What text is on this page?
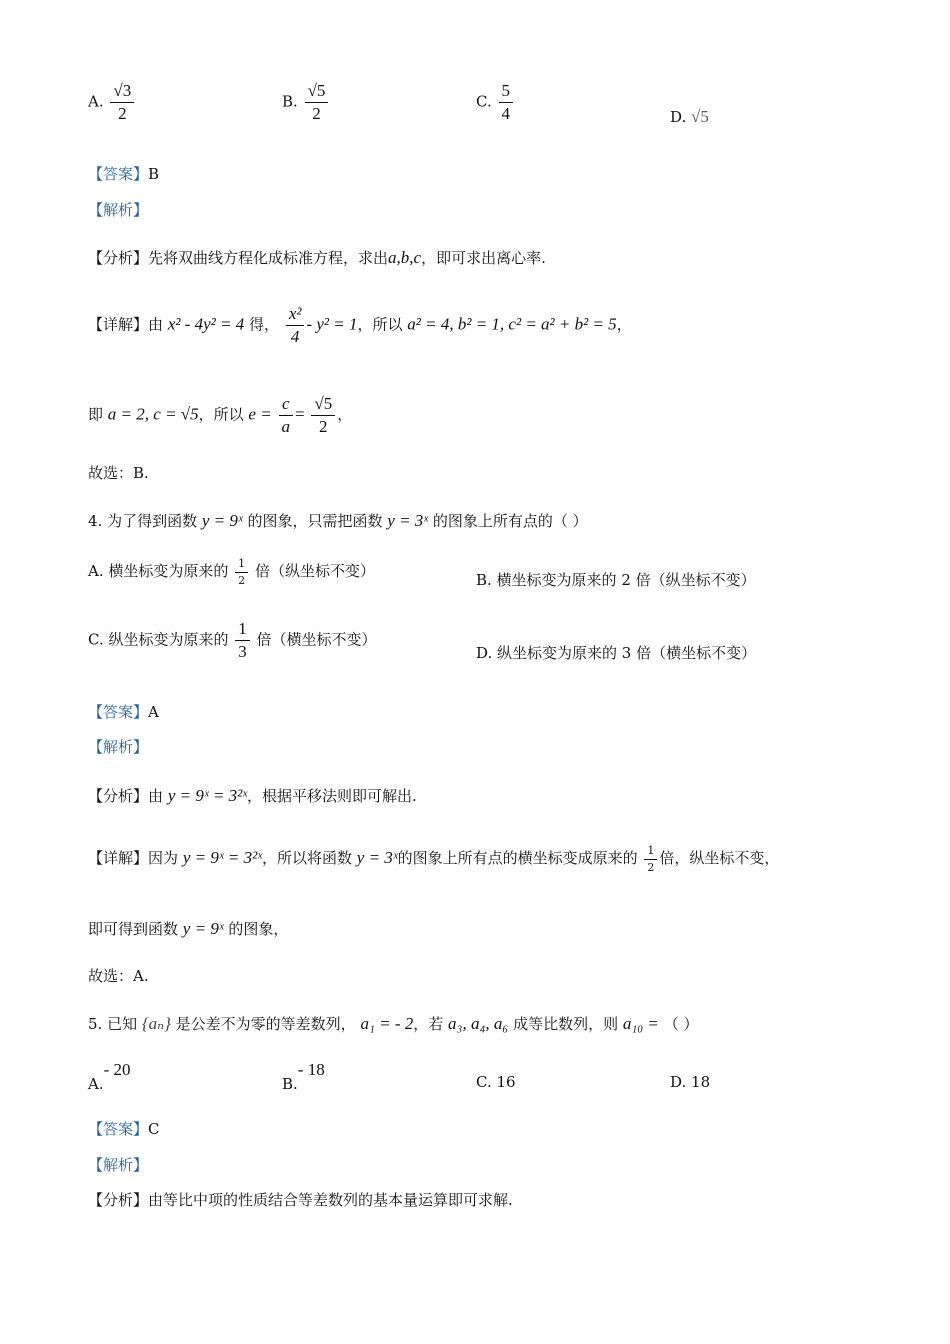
A. $\frac{√3}{2}$	B. $\frac{√5}{2}$	C. $\frac{5}{4}$	D. √5
【答案】B
【解析】
【分析】先将双曲线方程化成标准方程，求出a,b,c，即可求出离心率.
【详解】由 x² - 4y² = 4 得， $\frac{\text{x²}}{4} - y^2 = 1$，所以 a² = 4, b² = 1, c² = a² + b² = 5，
即 a = 2, c = √5，所以 $e = \frac{c}{a} = \frac{√5}{2}$ ，
故选：B.
4. 为了得到函数 y = 9ˣ 的图象，只需把函数 y = 3ˣ 的图象上所有点的（ ）
A. 横坐标变为原来的 $\frac{1}{2}$ 倍（纵坐标不变）	B. 横坐标变为原来的 2 倍（纵坐标不变）
C. 纵坐标变为原来的 $\frac{1}{3}$ 倍（横坐标不变）
D. 纵坐标变为原来的 3 倍（横坐标不变）
【答案】A
【解析】
【分析】由 y = 9ˣ = 3²ˣ，根据平移法则即可解出.
【详解】因为 y = 9ˣ = 3²ˣ，所以将函数 y = 3ˣ的图象上所有点的横坐标变成原来的 $\frac{1}{2}$ 倍，纵坐标不变，
即可得到函数 y = 9ˣ 的图象，
故选：A.
5. 已知 {aₙ} 是公差不为零的等差数列， a₁ = - 2，若 a₃, a₄, a₆ 成等比数列，则 a₁₀ = （ ）
A.- 20
B.- 18
C. 16	D. 18
【答案】C
【解析】
【分析】由等比中项的性质结合等差数列的基本量运算即可求解.
